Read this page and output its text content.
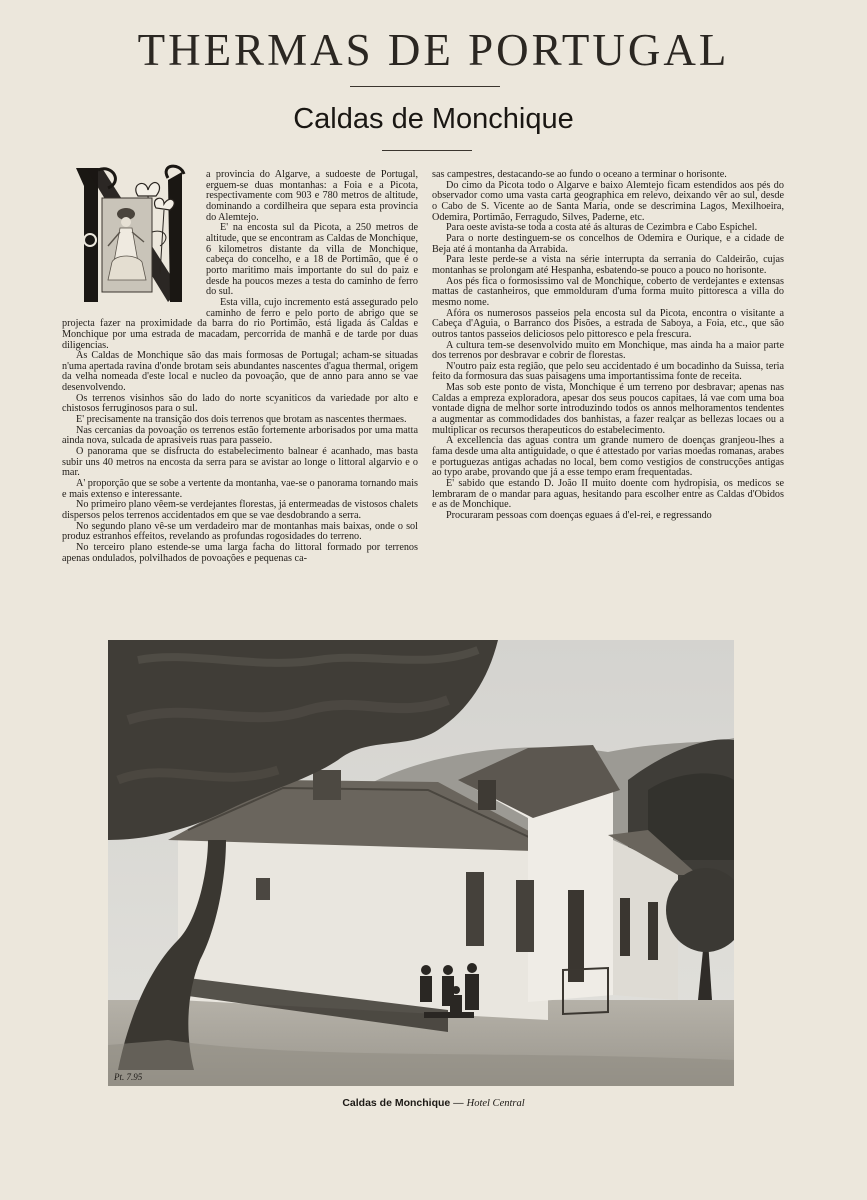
THERMAS DE PORTUGAL
Caldas de Monchique

a provincia do Algarve, a sudoeste de Portugal, erguem-se duas montanhas: a Foia e a Picota, respectivamente com 903 e 780 metros de altitude, dominando a cordilheira que separa esta provincia do Alemtejo.

E' na encosta sul da Picota, a 250 metros de altitude, que se encontram as Caldas de Monchique, 6 kilometros distante da villa de Monchique, cabeça do concelho, e a 18 de Portimão, que é o porto maritimo mais importante do sul do paiz e desde ha poucos mezes a testa do caminho de ferro do sul.

Esta villa, cujo incremento está assegurado pelo caminho de ferro e pelo porto de abrigo que se projecta fazer na proximidade da barra do rio Portimão, está ligada ás Caldas e Monchique por uma estrada de macadam, percorrida de manhã e de tarde por duas diligencias.

As Caldas de Monchique são das mais formosas de Portugal; acham-se situadas n'uma apertada ravina d'onde brotam seis abundantes nascentes d'agua thermal, origem da velha nomeada d'este local e nucleo da povoação, que de anno para anno se vae desenvolvendo.

Os terrenos visinhos são do lado do norte scyaniticos da variedade por alto e chistosos ferruginosos para o sul.

E' precisamente na transição dos dois terrenos que brotam as nascentes thermaes.

Nas cercanias da povoação os terrenos estão fortemente arborisados por uma matta ainda nova, sulcada de aprasiveis ruas para passeio.

O panorama que se disfructa do estabelecimento balnear é acanhado, mas basta subir uns 40 metros na encosta da serra para se avistar ao longe o littoral algarvio e o mar.

A' proporção que se sobe a vertente da montanha, vae-se o panorama tornando mais e mais extenso e interessante.

No primeiro plano vêem-se verdejantes florestas, já entermeadas de vistosos chalets dispersos pelos terrenos accidentados em que se vae desdobrando a serra.

No segundo plano vê-se um verdadeiro mar de montanhas mais baixas, onde o sol produz estranhos effeitos, revelando as profundas rogosidades do terreno.

No terceiro plano estende-se uma larga facha do littoral formado por terrenos apenas ondulados, polvilhados de povoações e pequenas ca-

sas campestres, destacando-se ao fundo o oceano a terminar o horisonte.

Do cimo da Picota todo o Algarve e baixo Alemtejo ficam estendidos aos pés do observador como uma vasta carta geographica em relevo, deixando vêr ao sul, desde o Cabo de S. Vicente ao de Santa Maria, onde se descrimina Lagos, Mexilhoeira, Odemira, Portimão, Ferragudo, Silves, Paderne, etc.

Para oeste avista-se toda a costa até ás alturas de Cezimbra e Cabo Espichel.

Para o norte destinguem-se os concelhos de Odemira e Ourique, e a cidade de Beja até á montanha da Arrabida.

Para leste perde-se a vista na série interrupta da serrania do Caldeirão, cujas montanhas se prolongam até Hespanha, esbatendo-se pouco a pouco no horisonte.

Aos pés fica o formosissimo val de Monchique, coberto de verdejantes e extensas mattas de castanheiros, que emmolduram d'uma forma muito pittoresca a villa do mesmo nome.

Afóra os numerosos passeios pela encosta sul da Picota, encontra o visitante a Cabeça d'Aguia, o Barranco dos Pisões, a estrada de Saboya, a Foia, etc., que são outros tantos passeios deliciosos pelo pittoresco e pela frescura.

A cultura tem-se desenvolvido muito em Monchique, mas ainda ha a maior parte dos terrenos por desbravar e cobrir de florestas.

N'outro paiz esta região, que pelo seu accidentado é um bocadinho da Suissa, teria feito da formosura das suas paisagens uma importantissima fonte de receita.

Mas sob este ponto de vista, Monchique é um terreno por desbravar; apenas nas Caldas a empreza exploradora, apesar dos seus poucos capitaes, lá vae com uma boa vontade digna de melhor sorte introduzindo todos os annos melhoramentos tendentes a augmentar as commodidades dos banhistas, a fazer realçar as bellezas locaes ou a multiplicar os recursos therapeuticos do estabelecimento.

A excellencia das aguas contra um grande numero de doenças granjeou-lhes a fama desde uma alta antiguidade, o que é attestado por varias moedas romanas, arabes e portuguezas antigas achadas no local, bem como vestigios de construcções antigas ao typo arabe, provando que já a esse tempo eram frequentadas.

E' sabido que estando D. João II muito doente com hydropisia, os medicos se lembraram de o mandar para aguas, hesitando para escolher entre as Caldas d'Obidos e as de Monchique.

Procuraram pessoas com doenças eguaes á d'el-rei, e regressando

Pt. 7.95
Caldas de Monchique — Hotel Central
